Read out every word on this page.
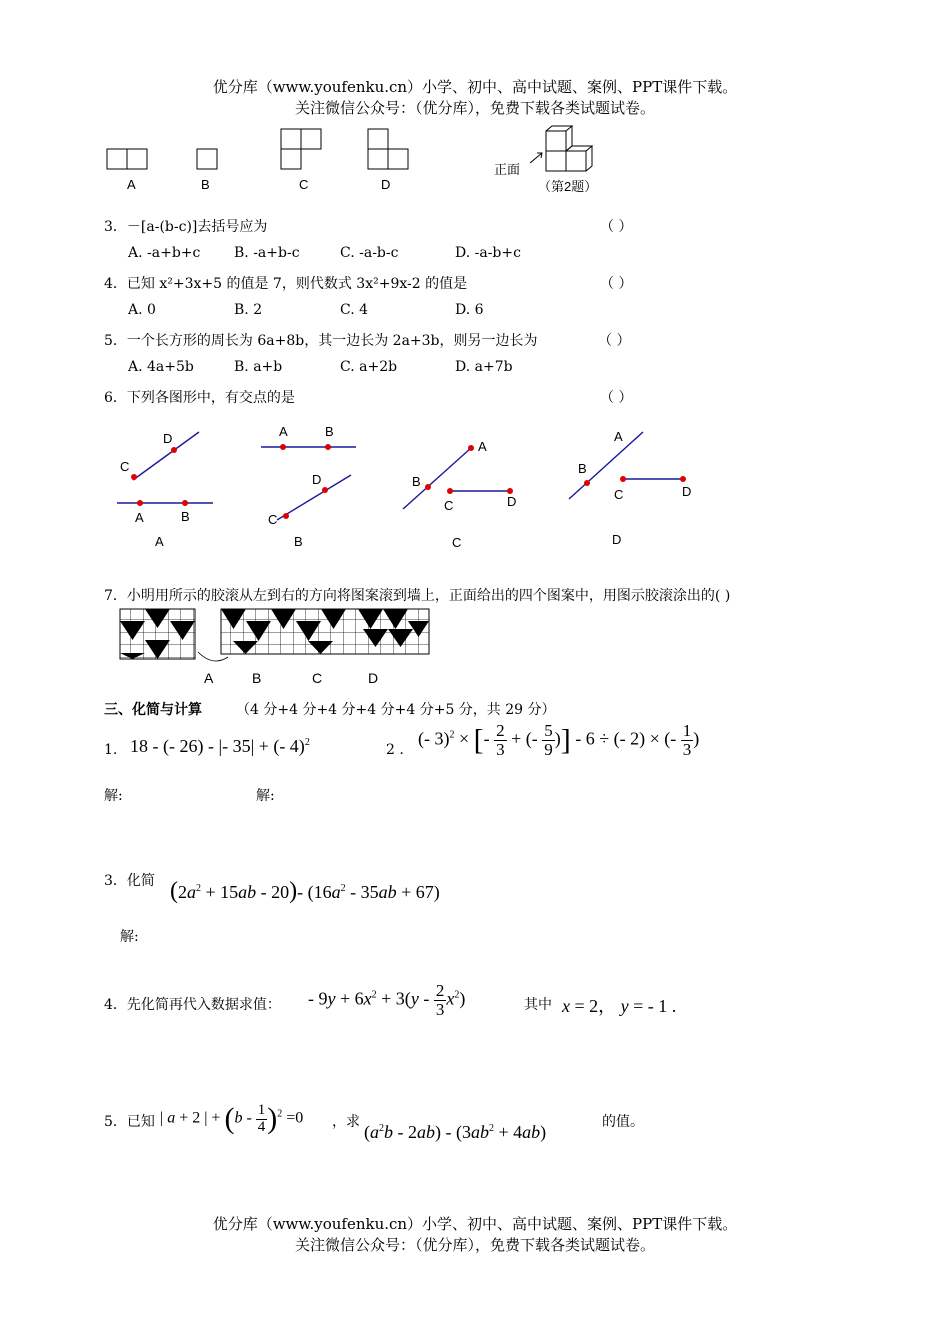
优分库（www.youfenku.cn）小学、初中、高中试题、案例、PPT课件下载。
关注微信公众号：（优分库），免费下载各类试题试卷。
A	B	C	D
正面
（第2题）
3．－[a-(b-c)]去括号应为	（ ）
A. -a+b+c B. -a+b-c	C. -a-b-c	D. -a-b+c
4．已知 x²+3x+5 的值是 7，则代数式 3x²+9x-2 的值是	（ ）
A. 0	B. 2	C. 4	D. 6
5．一个长方形的周长为 6a+8b，其一边长为 2a+3b，则另一边长为	（ ）
A. 4a+5b	B. a+b	C. a+2b	D. a+7b
6．下列各图形中，有交点的是	（ ）
C
D
A	B
A	B
D
C
A
B
C	D
A
B
C	D
A	B	C	D
7．小明用所示的胶滚从左到右的方向将图案滚到墙上，正面给出的四个图案中，用图示胶滚涂出的( )
A	B	C	D
三、化简与计算 （4 分+4 分+4 分+4 分+4 分+5 分，共 29 分）
1. 18 - (- 26) - |- 35| + (- 4)$^2$	2 .
(- 3)$^2$ × [- $\frac{2}{3}$ + (- $\frac{5}{9}$ )] - 6 ÷ (- 2) × (- $\frac{1}{3}$ )
解:	解:
3．化简 $(2a^2 + 15ab - 20)-$ $(16a^2 - 35ab + 67)$
解:
4．先化简再代入数据求值： - $9y + 6x^2 + 3(y - \frac{2}{3} x^2)$	其中 x = 2， y = - 1 .
5．已知 | a + 2 | + $(b - \frac{1}{4} )^2 =0$ ，求 $(a^2b - 2ab) - (3ab^2 + 4ab)$	的值。
优分库（www.youfenku.cn）小学、初中、高中试题、案例、PPT课件下载。
关注微信公众号：（优分库），免费下载各类试题试卷。
